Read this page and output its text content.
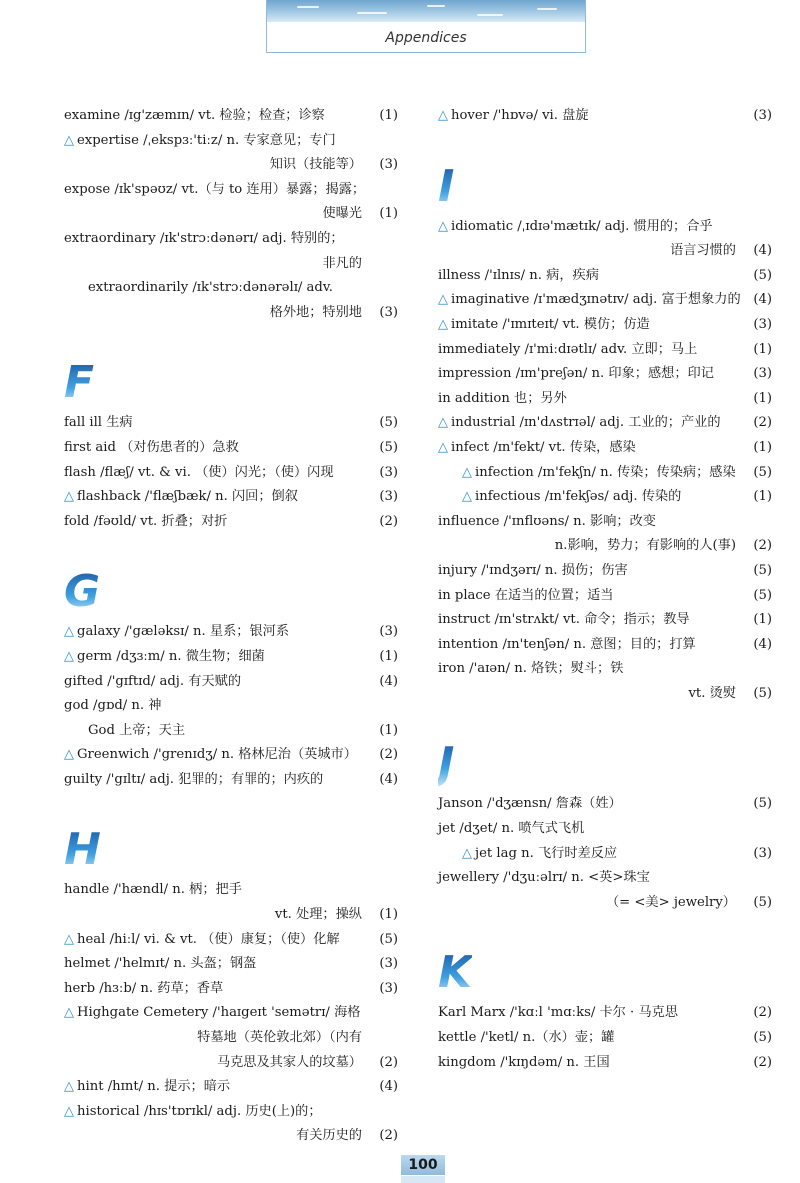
Appendices
examine /ɪg'zæmɪn/ vt. 检验；检查；诊察	(1)
△ expertise /ˌekspɜː'tiːz/ n. 专家意见；专门
知识（技能等） (3)
expose /ɪk'spəʊz/ vt.（与 to 连用）暴露；揭露；
使曝光 (1)
extraordinary /ɪk'strɔːdənərɪ/ adj. 特别的；
非凡的
extraordinarily /ɪk'strɔːdənərəlɪ/ adv.
格外地；特别地 (3)
F
fall ill 生病	(5)
first aid （对伤患者的）急救	(5)
flash /flæʃ/ vt. & vi. （使）闪光；（使）闪现	(3)
△ flashback /'flæʃbæk/ n. 闪回；倒叙	(3)
fold /fəʊld/ vt. 折叠；对折	(2)
G
△ galaxy /'gæləksɪ/ n. 星系；银河系	(3)
△ germ /dʒɜːm/ n. 微生物；细菌	(1)
gifted /'gɪftɪd/ adj. 有天赋的	(4)
god /gɒd/ n. 神
God 上帝；天主	(1)
△ Greenwich /'grenɪdʒ/ n. 格林尼治（英城市）	(2)
guilty /'gɪltɪ/ adj. 犯罪的；有罪的；内疚的	(4)
H
handle /'hændl/ n. 柄；把手
vt. 处理；操纵 (1)
△ heal /hiːl/ vi. & vt. （使）康复；（使）化解	(5)
helmet /'helmɪt/ n. 头盔；钢盔	(3)
herb /hɜːb/ n. 药草；香草	(3)
△ Highgate Cemetery /'haɪgeɪt 'semətrɪ/ 海格
特墓地（英伦敦北郊）（内有
马克思及其家人的坟墓） (2)
△ hint /hɪnt/ n. 提示；暗示	(4)
△ historical /hɪs'tɒrɪkl/ adj. 历史(上)的；
有关历史的 (2)
△ hover /'hɒvə/ vi. 盘旋	(3)
I
△ idiomatic /ˌɪdɪə'mætɪk/ adj. 惯用的；合乎
语言习惯的 (4)
illness /'ɪlnɪs/ n. 病，疾病	(5)
△ imaginative /ɪ'mædʒɪnətɪv/ adj. 富于想象力的 (4)
△ imitate /'ɪmɪteɪt/ vt. 模仿；仿造	(3)
immediately /ɪ'miːdɪətlɪ/ adv. 立即；马上	(1)
impression /ɪm'preʃən/ n. 印象；感想；印记	(3)
in addition 也；另外	(1)
△ industrial /ɪn'dʌstrɪəl/ adj. 工业的；产业的	(2)
△ infect /ɪn'fekt/ vt. 传染，感染	(1)
△ infection /ɪn'fekʃn/ n. 传染；传染病；感染 (5)
△ infectious /ɪn'fekʃəs/ adj. 传染的	(1)
influence /'ɪnflʊəns/ n. 影响；改变
n.影响，势力；有影响的人(事) (2)
injury /'ɪndʒərɪ/ n. 损伤；伤害	(5)
in place 在适当的位置；适当	(5)
instruct /ɪn'strʌkt/ vt. 命令；指示；教导	(1)
intention /ɪn'tenʃən/ n. 意图；目的；打算	(4)
iron /'aɪən/ n. 烙铁；熨斗；铁
vt. 烫熨 (5)
J
Janson /'dʒænsn/ 詹森（姓）	(5)
jet /dʒet/ n. 喷气式飞机
△ jet lag n. 飞行时差反应	(3)
jewellery /'dʒuːəlrɪ/ n. <英>珠宝
（= <美> jewelry） (5)
K
Karl Marx /'kɑːl 'mɑːks/ 卡尔 · 马克思	(2)
kettle /'ketl/ n.（水）壶；罐	(5)
kingdom /'kɪŋdəm/ n. 王国	(2)
100
